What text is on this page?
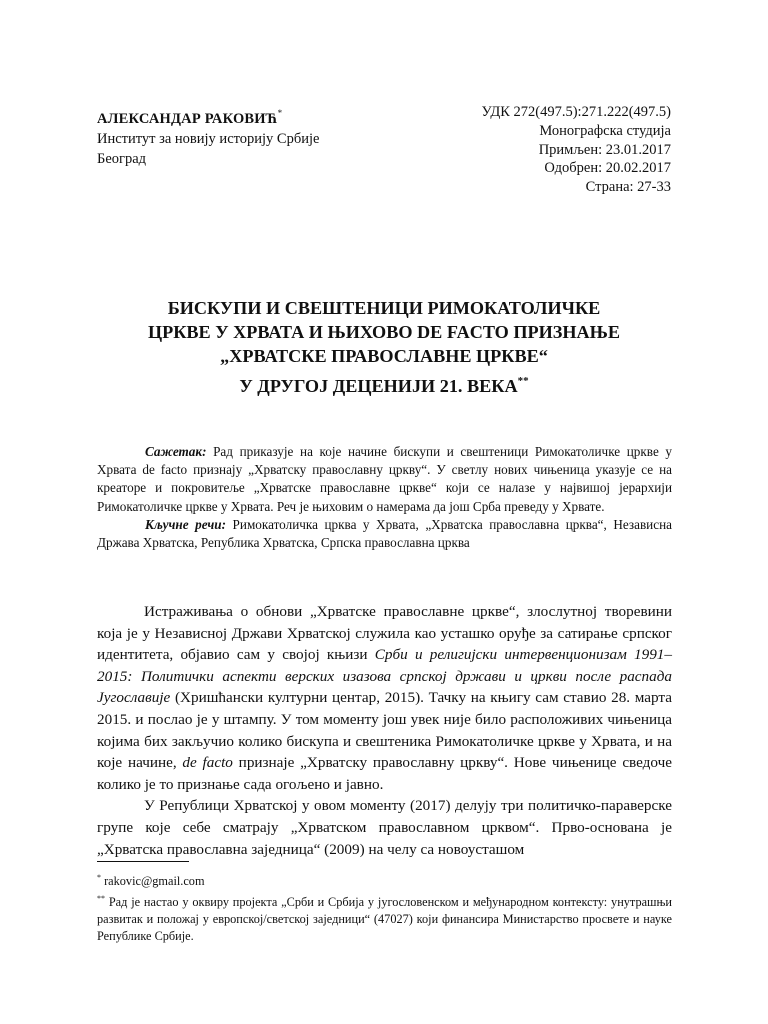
АЛЕКСАНДАР РАКОВИЋ*
Институт за новију историју Србије
Београд
УДК 272(497.5):271.222(497.5)
Монографска студија
Примљен: 23.01.2017
Одобрен: 20.02.2017
Страна: 27-33
БИСКУПИ И СВЕШТЕНИЦИ РИМОКАТОЛИЧКЕ
ЦРКВЕ У ХРВАТА И ЊИХОВО DE FACTO ПРИЗНАЊЕ
„ХРВАТСКЕ ПРАВОСЛАВНЕ ЦРКВЕ“
У ДРУГОЈ ДЕЦЕНИЈИ 21. ВЕКА**

Сажетак: Рад приказује на које начине бискупи и свештеници Римокатоличке цркве у Хрвата de facto признају „Хрватску православну цркву“. У светлу нових чињеница указује се на креаторе и покровитеље „Хрватске православне цркве“ који се налазе у највишој јерархији Римокатоличке цркве у Хрвата. Реч је њиховим о намерама да још Срба преведу у Хрвате.

Кључне речи: Римокатоличка црква у Хрвата, „Хрватска православна црква“, Независна Држава Хрватска, Република Хрватска, Српска православна црква

Истраживања о обнови „Хрватске православне цркве“, злослутној творевини која је у Независној Држави Хрватској служила као усташко оруђе за сатирање српског идентитета, објавио сам у својој књизи Срби и религијски интервенционизам 1991–2015: Политички аспекти верских изазова српској држави и цркви после распада Југославије (Хришћански културни центар, 2015). Тачку на књигу сам ставио 28. марта 2015. и послао је у штампу. У том моменту још увек није било расположивих чињеница којима бих закључио колико бискупа и свештеника Римокатоличке цркве у Хрвата, и на које начине, de facto признаје „Хрватску православну цркву“. Нове чињенице сведоче колико је то признање сада огољено и јавно.

У Републици Хрватској у овом моменту (2017) делују три политичко-параверске групе које себе сматрају „Хрватском православном црквом“. Прво-основана је „Хрватска православна заједница“ (2009) на челу са новоусташом

* rakovic@gmail.com

** Рад је настао у оквиру пројекта „Срби и Србија у југословенском и међународном контексту: унутрашњи развитак и положај у европској/светској заједници“ (47027) који финансира Министарство просвете и науке Републике Србије.
